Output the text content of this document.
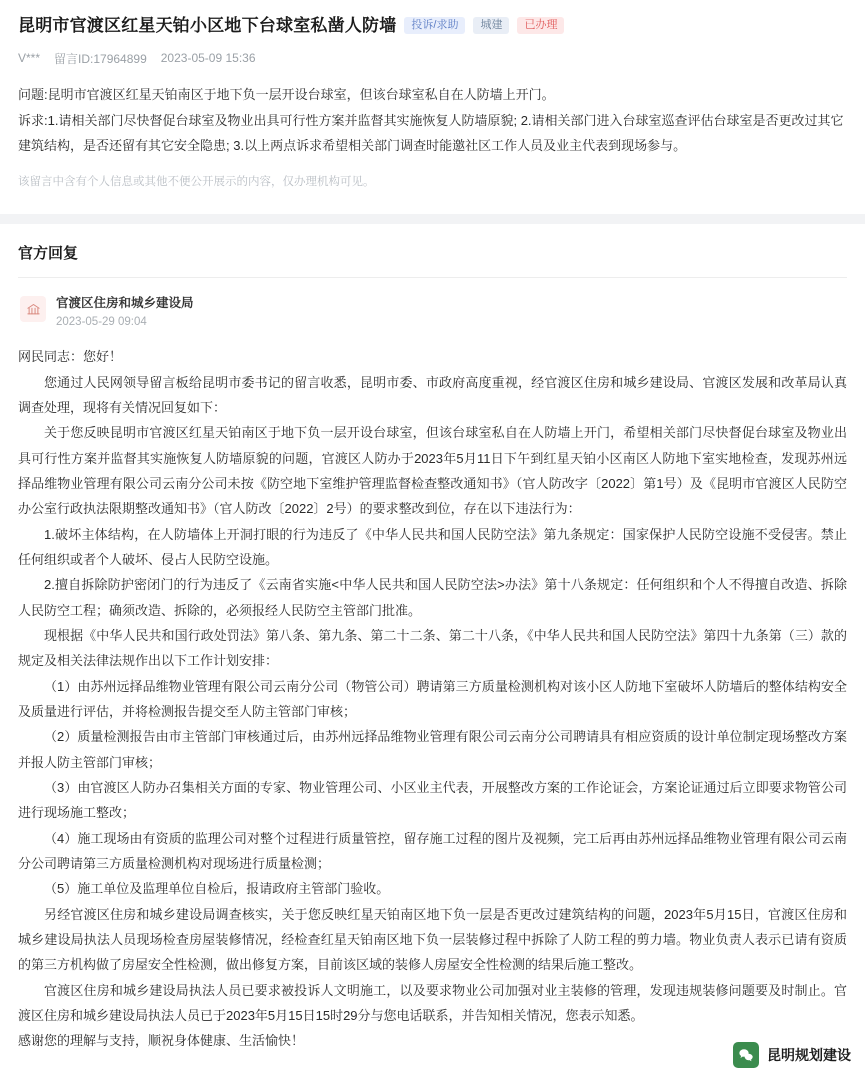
昆明市官渡区红星天铂小区地下台球室私凿人防墙	投诉/求助	城建	已办理
V*** 留言ID:17964899 2023-05-09 15:36

问题:昆明市官渡区红星天铂南区于地下负一层开设台球室，但该台球室私自在人防墙上开门。

诉求:1.请相关部门尽快督促台球室及物业出具可行性方案并监督其实施恢复人防墙原貌; 2.请相关部门进入台球室巡查评估台球室是否更改过其它建筑结构，是否还留有其它安全隐患; 3.以上两点诉求希望相关部门调查时能邀社区工作人员及业主代表到现场参与。

该留言中含有个人信息或其他不便公开展示的内容，仅办理机构可见。
官方回复
官渡区住房和城乡建设局
2023-05-29 09:04

网民同志：您好！

您通过人民网领导留言板给昆明市委书记的留言收悉，昆明市委、市政府高度重视，经官渡区住房和城乡建设局、官渡区发展和改革局认真调查处理，现将有关情况回复如下：

关于您反映昆明市官渡区红星天铂南区于地下负一层开设台球室，但该台球室私自在人防墙上开门，希望相关部门尽快督促台球室及物业出具可行性方案并监督其实施恢复人防墙原貌的问题，官渡区人防办于2023年5月11日下午到红星天铂小区南区人防地下室实地检查，发现苏州远择品维物业管理有限公司云南分公司未按《防空地下室维护管理监督检查整改通知书》（官人防改字〔2022〕第1号）及《昆明市官渡区人民防空办公室行政执法限期整改通知书》（官人防改〔2022〕2号）的要求整改到位，存在以下违法行为：

1.破坏主体结构，在人防墙体上开洞打眼的行为违反了《中华人民共和国人民防空法》第九条规定：国家保护人民防空设施不受侵害。禁止任何组织或者个人破坏、侵占人民防空设施。

2.擅自拆除防护密闭门的行为违反了《云南省实施<中华人民共和国人民防空法>办法》第十八条规定：任何组织和个人不得擅自改造、拆除人民防空工程；确须改造、拆除的，必须报经人民防空主管部门批准。

现根据《中华人民共和国行政处罚法》第八条、第九条、第二十二条、第二十八条，《中华人民共和国人民防空法》第四十九条第（三）款的规定及相关法律法规作出以下工作计划安排：

（1）由苏州远择品维物业管理有限公司云南分公司（物管公司）聘请第三方质量检测机构对该小区人防地下室破坏人防墙后的整体结构安全及质量进行评估，并将检测报告提交至人防主管部门审核；

（2）质量检测报告由市主管部门审核通过后，由苏州远择品维物业管理有限公司云南分公司聘请具有相应资质的设计单位制定现场整改方案并报人防主管部门审核；

（3）由官渡区人防办召集相关方面的专家、物业管理公司、小区业主代表，开展整改方案的工作论证会，方案论证通过后立即要求物管公司进行现场施工整改；

（4）施工现场由有资质的监理公司对整个过程进行质量管控，留存施工过程的图片及视频，完工后再由苏州远择品维物业管理有限公司云南分公司聘请第三方质量检测机构对现场进行质量检测；

（5）施工单位及监理单位自检后，报请政府主管部门验收。

另经官渡区住房和城乡建设局调查核实，关于您反映红星天铂南区地下负一层是否更改过建筑结构的问题，2023年5月15日，官渡区住房和城乡建设局执法人员现场检查房屋装修情况，经检查红星天铂南区地下负一层装修过程中拆除了人防工程的剪力墙。物业负责人表示已请有资质的第三方机构做了房屋安全性检测，做出修复方案，目前该区域的装修人房屋安全性检测的结果后施工整改。

官渡区住房和城乡建设局执法人员已要求被投诉人文明施工，以及要求物业公司加强对业主装修的管理，发现违规装修问题要及时制止。官渡区住房和城乡建设局执法人员已于2023年5月15日15时29分与您电话联系，并告知相关情况，您表示知悉。

感谢您的理解与支持，顺祝身体健康、生活愉快！

昆明规划建设
